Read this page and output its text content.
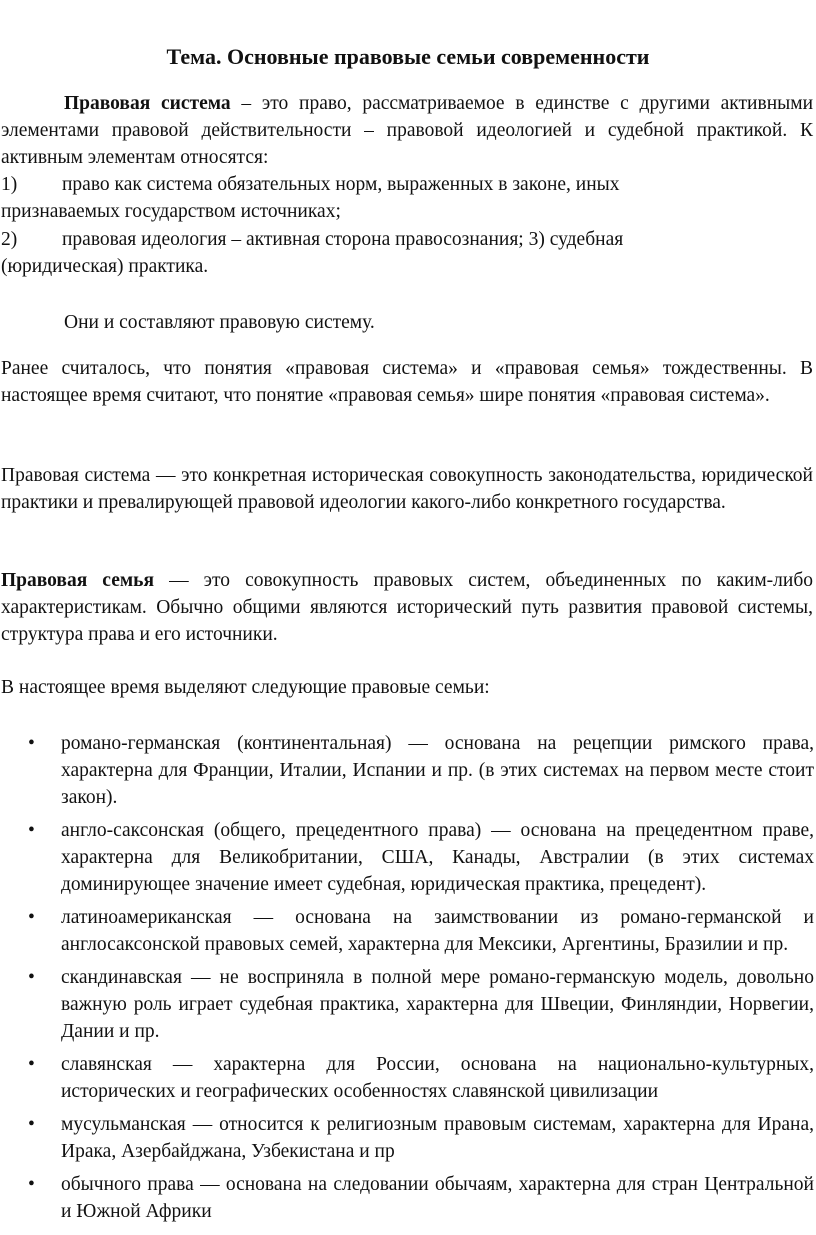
Тема. Основные правовые семьи современности

Правовая система – это право, рассматриваемое в единстве с другими активными элементами правовой действительности – правовой идеологией и судебной практикой. К активным элементам относятся:

1) право как система обязательных норм, выраженных в законе, иных
признаваемых государством источниках;
2) правовая идеология – активная сторона правосознания; 3) судебная
(юридическая) практика.

Они и составляют правовую систему.

Ранее считалось, что понятия «правовая система» и «правовая семья» тождественны. В настоящее время считают, что понятие «правовая семья» шире понятия «правовая система».

Правовая система — это конкретная историческая совокупность законодательства, юридической практики и превалирующей правовой идеологии какого-либо конкретного государства.

Правовая семья — это совокупность правовых систем, объединенных по каким-либо характеристикам. Обычно общими являются исторический путь развития правовой системы, структура права и его источники.

В настоящее время выделяют следующие правовые семьи:

• романо-германская (континентальная) — основана на рецепции римского права, характерна для Франции, Италии, Испании и пр. (в этих системах на первом месте стоит закон).
• англо-саксонская (общего, прецедентного права) — основана на прецедентном праве, характерна для Великобритании, США, Канады, Австралии (в этих системах доминирующее значение имеет судебная, юридическая практика, прецедент).
• латиноамериканская — основана на заимствовании из романо-германской и англосаксонской правовых семей, характерна для Мексики, Аргентины, Бразилии и пр.
• скандинавская — не восприняла в полной мере романо-германскую модель, довольно важную роль играет судебная практика, характерна для Швеции, Финляндии, Норвегии, Дании и пр.
• славянская — характерна для России, основана на национально-культурных, исторических и географических особенностях славянской цивилизации
• мусульманская — относится к религиозным правовым системам, характерна для Ирана, Ирака, Азербайджана, Узбекистана и пр
• обычного права — основана на следовании обычаям, характерна для стран Центральной и Южной Африки
